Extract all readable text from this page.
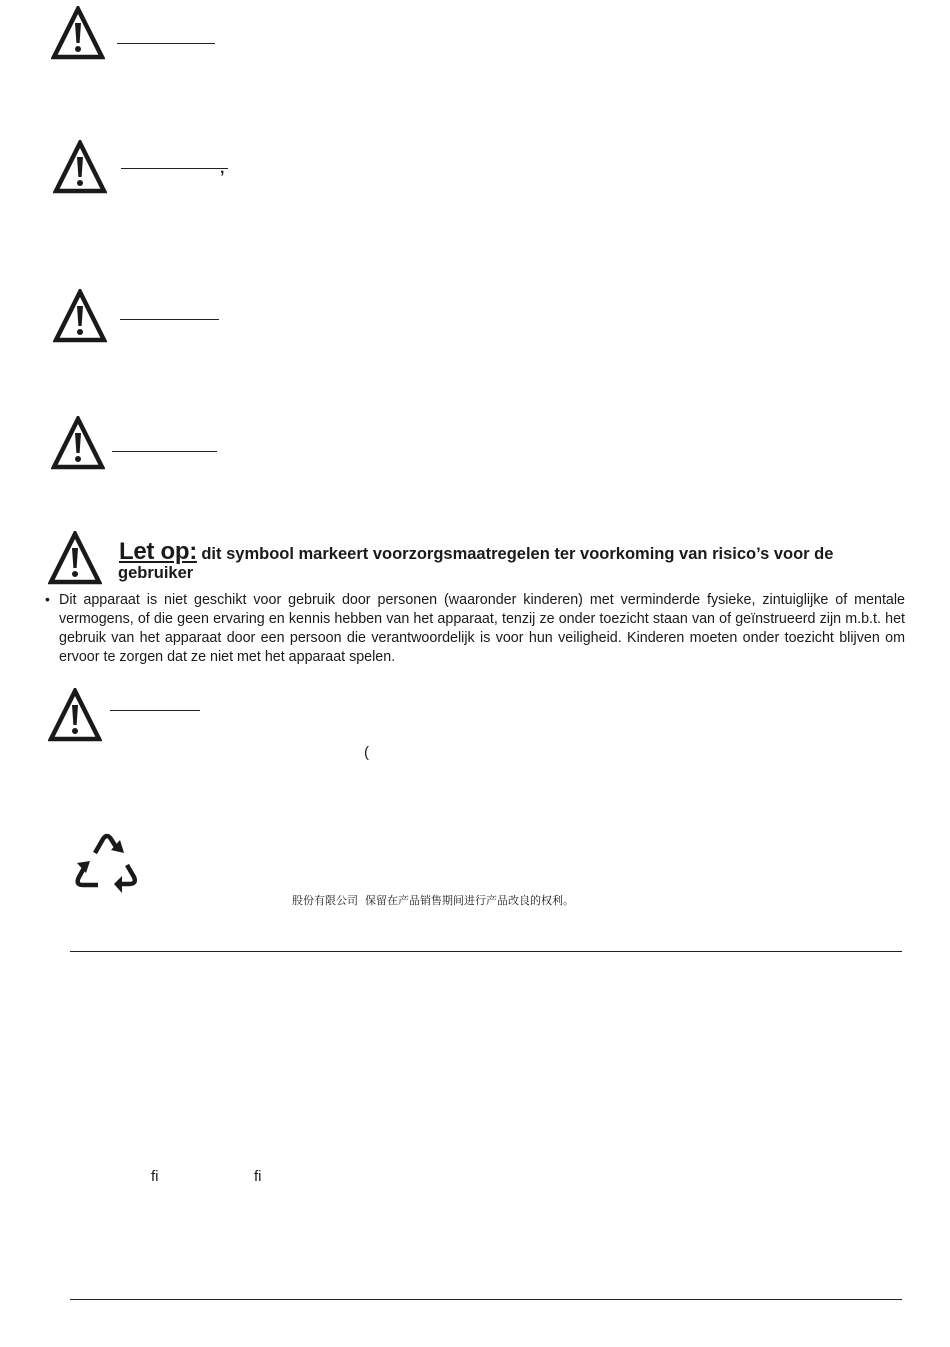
,
Let op: dit symbool markeert voorzorgsmaatregelen ter voorkoming van risico’s voor de
gebruiker
• Dit apparaat is niet geschikt voor gebruik door personen (waaronder kinderen) met verminderde fysieke, zintuiglijke of mentale vermogens, of die geen ervaring en kennis hebben van het apparaat, tenzij ze onder toezicht staan van of geïnstrueerd zijn m.b.t. het gebruik van het apparaat door een persoon die verantwoordelijk is voor hun veiligheid. Kinderen moeten onder toezicht blijven om ervoor te zorgen dat ze niet met het apparaat spelen.
(
股份有限公司  保留在产品销售期间进行产品改良的权利。
fi	fi
